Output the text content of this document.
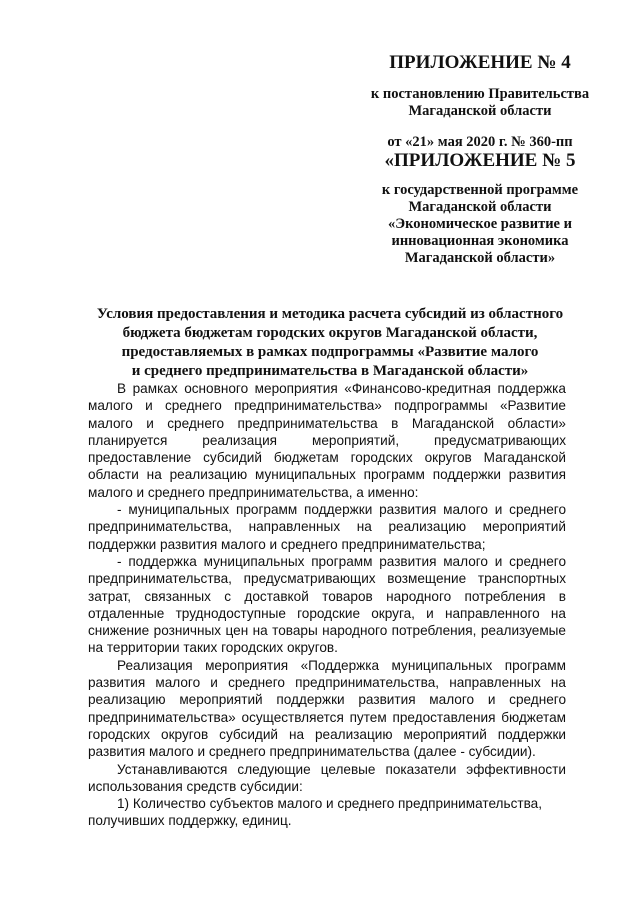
ПРИЛОЖЕНИЕ № 4
к постановлению Правительства
Магаданской области
от «21» мая 2020 г. № 360-пп
«ПРИЛОЖЕНИЕ № 5
к государственной программе
Магаданской области
«Экономическое развитие и
инновационная экономика
Магаданской области»
Условия предоставления и методика расчета субсидий из областного
бюджета бюджетам городских округов Магаданской области,
предоставляемых в рамках подпрограммы «Развитие малого
и среднего предпринимательства в Магаданской области»

В рамках основного мероприятия «Финансово-кредитная поддержка малого и среднего предпринимательства» подпрограммы «Развитие малого и среднего предпринимательства в Магаданской области» планируется реализация мероприятий, предусматривающих предоставление субсидий бюджетам городских округов Магаданской области на реализацию муниципальных программ поддержки развития малого и среднего предпринимательства, а именно:

- муниципальных программ поддержки развития малого и среднего предпринимательства, направленных на реализацию мероприятий поддержки развития малого и среднего предпринимательства;

- поддержка муниципальных программ развития малого и среднего предпринимательства, предусматривающих возмещение транспортных затрат, связанных с доставкой товаров народного потребления в отдаленные труднодоступные городские округа, и направленного на снижение розничных цен на товары народного потребления, реализуемые на территории таких городских округов.

Реализация мероприятия «Поддержка муниципальных программ развития малого и среднего предпринимательства, направленных на реализацию мероприятий поддержки развития малого и среднего предпринимательства» осуществляется путем предоставления бюджетам городских округов субсидий на реализацию мероприятий поддержки развития малого и среднего предпринимательства (далее - субсидии).

Устанавливаются следующие целевые показатели эффективности использования средств субсидии:

1) Количество субъектов малого и среднего предпринимательства, получивших поддержку, единиц.
